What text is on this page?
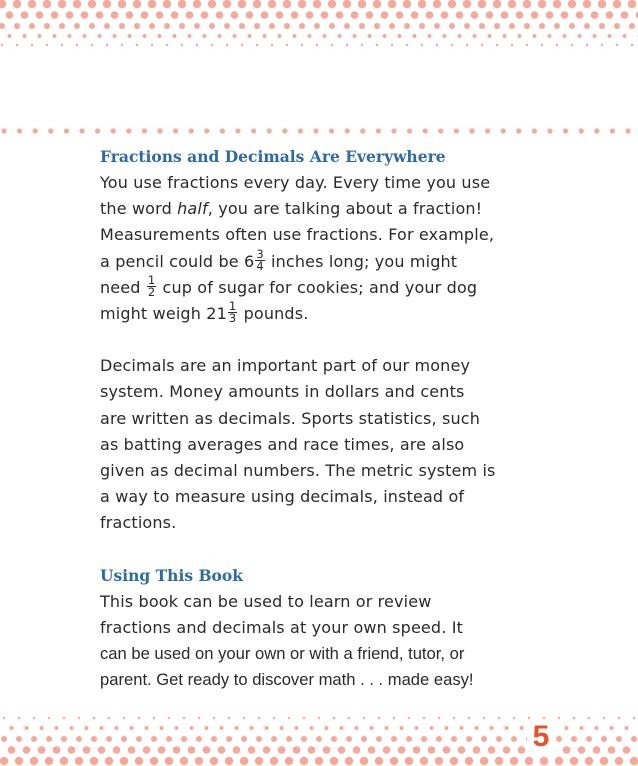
Fractions and Decimals Are Everywhere

You use fractions every day. Every time you use

the word half, you are talking about a fraction!

Measurements often use fractions. For example,

a pencil could be $6 \frac{3}{4}$ inches long; you might

need $\frac{1}{2}$ cup of sugar for cookies; and your dog

might weigh $21 \frac{1}{3}$ pounds.

Decimals are an important part of our money

system. Money amounts in dollars and cents

are written as decimals. Sports statistics, such

as batting averages and race times, are also

given as decimal numbers. The metric system is

a way to measure using decimals, instead of

fractions.

Using This Book

This book can be used to learn or review

fractions and decimals at your own speed. It

can be used on your own or with a friend, tutor, or

parent. Get ready to discover math . . . made easy!

5
